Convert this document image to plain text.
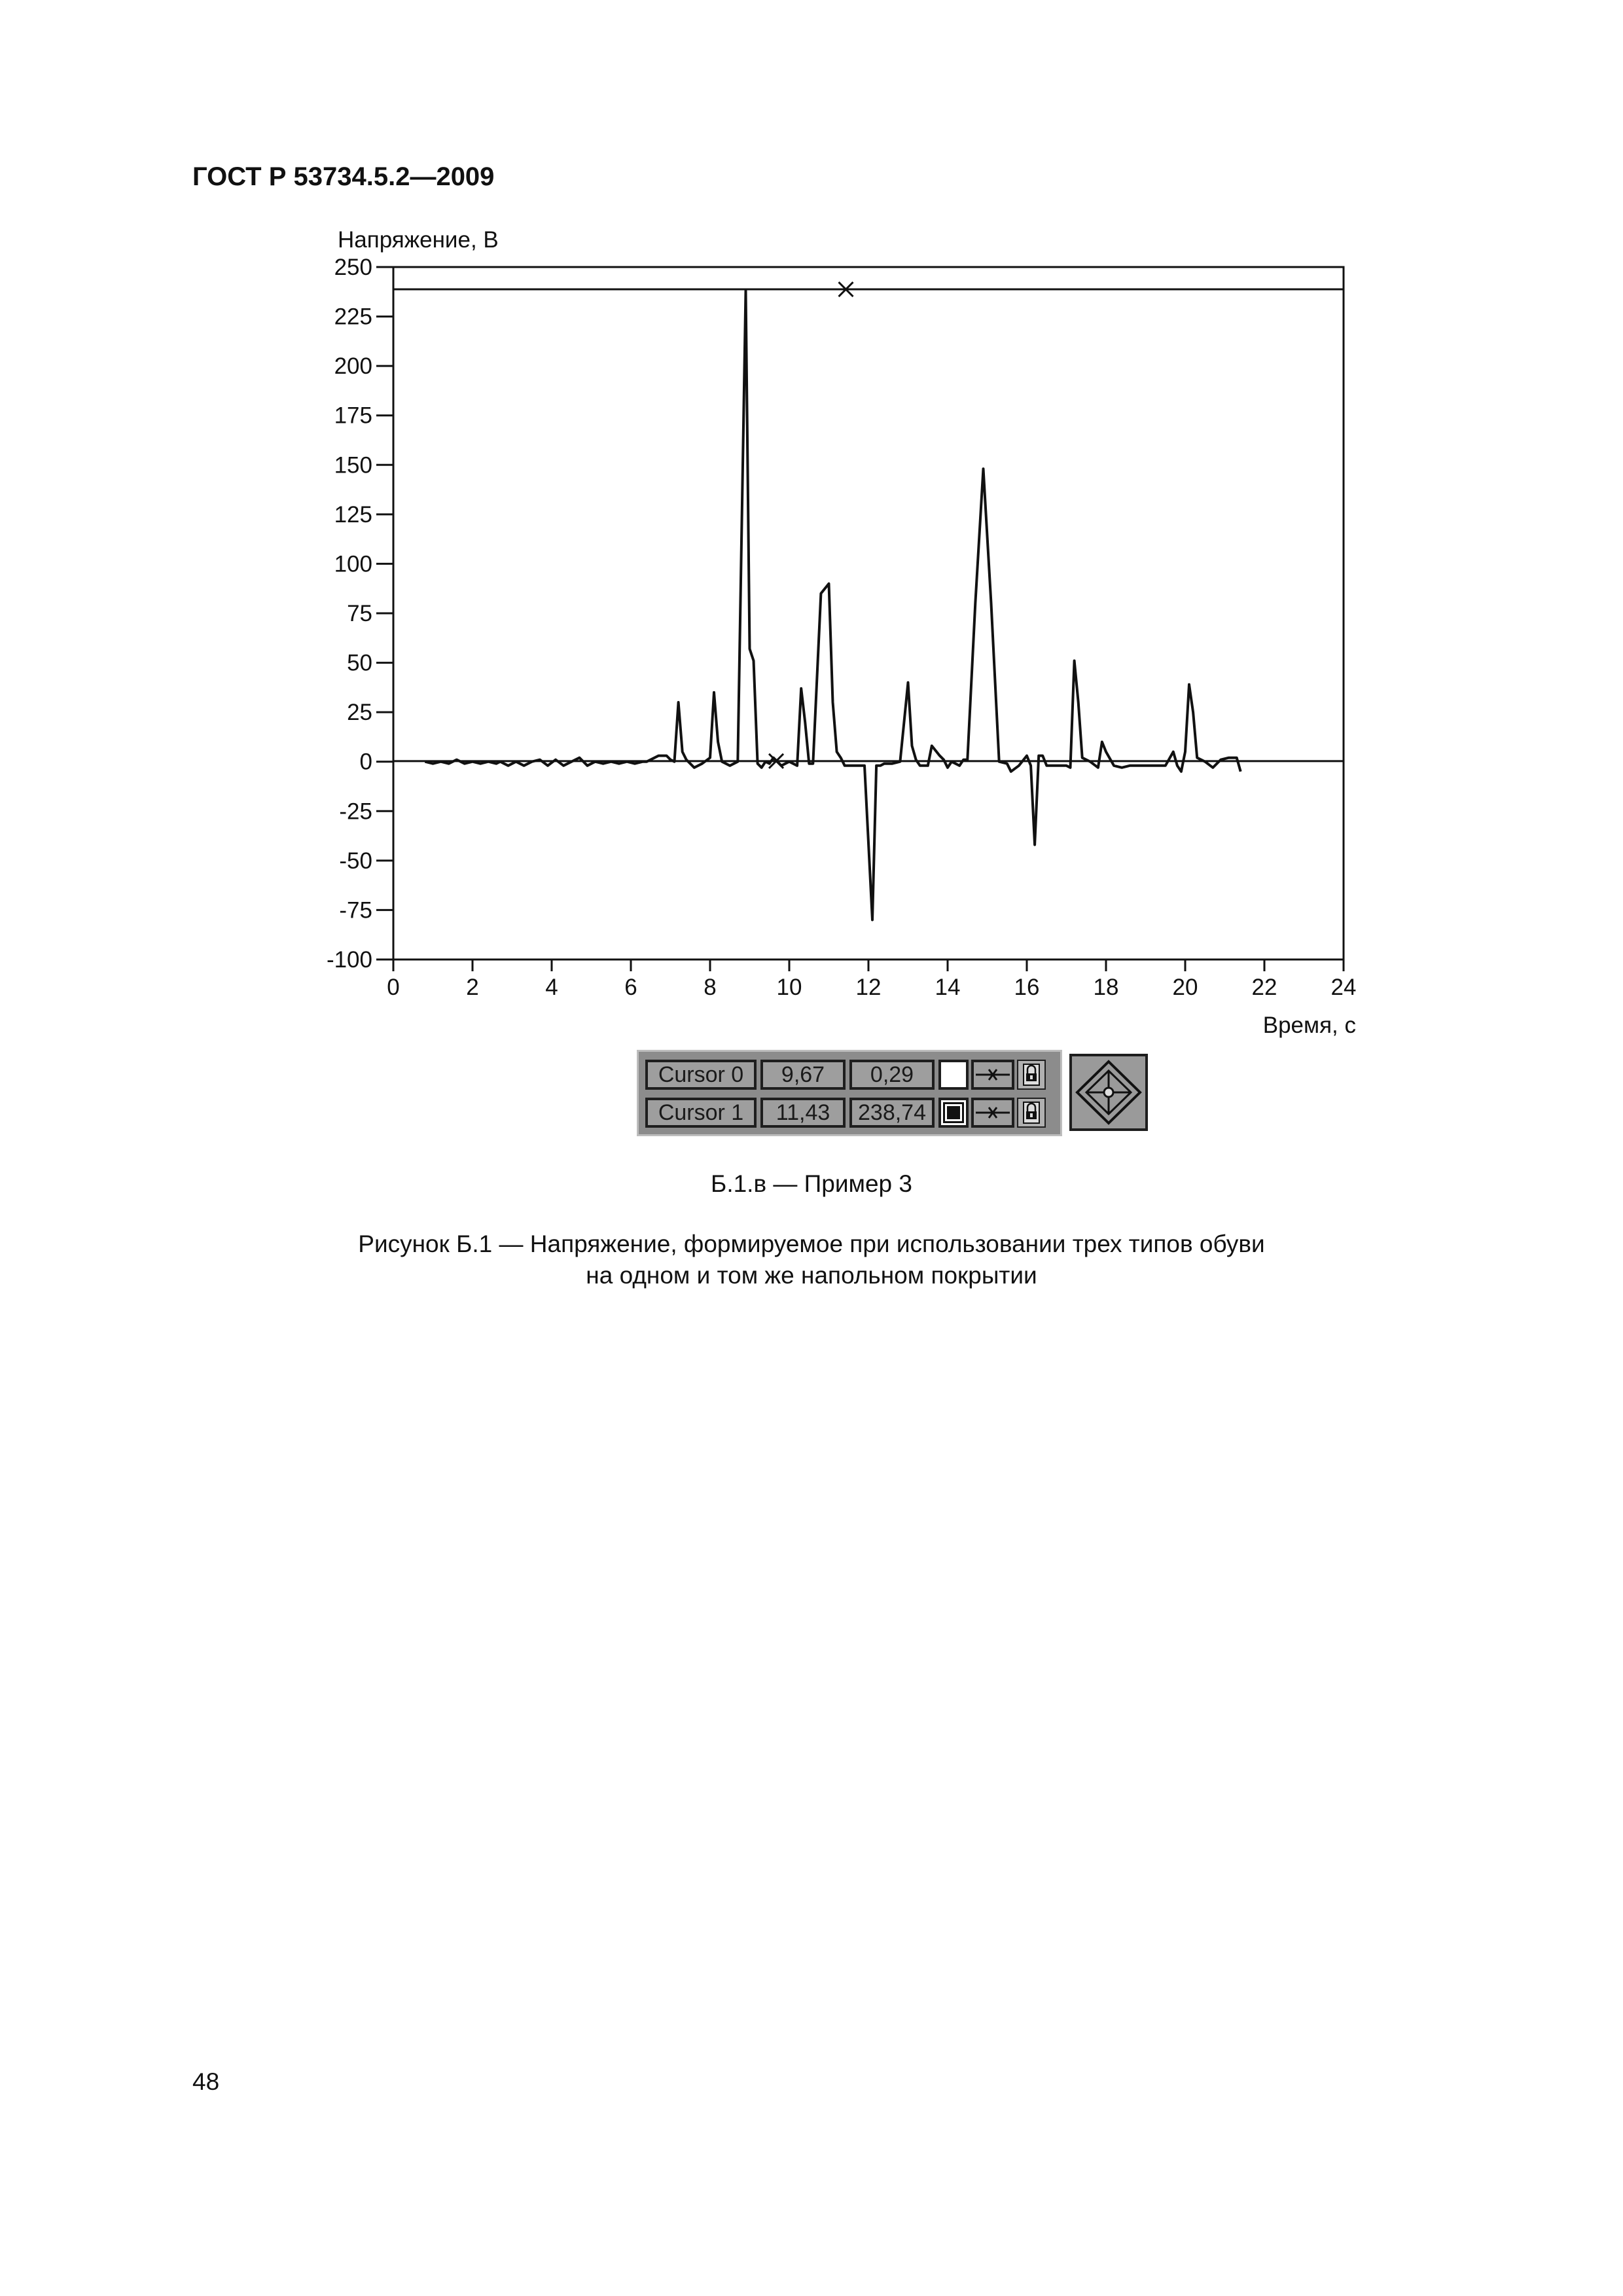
ГОСТ Р 53734.5.2—2009
Напряжение, В
Время, с
250
225
200
175
150
125
100
75
50
25
0
-25
-50
-75
-100
0	2	4	6	8	10 12 14 16 18 20 22 24
Cursor 0	9,67	0,29
Cursor 1	11,43	238,74
Б.1.в — Пример 3
Рисунок Б.1 — Напряжение, формируемое при использовании трех типов обуви
на одном и том же напольном покрытии
48
